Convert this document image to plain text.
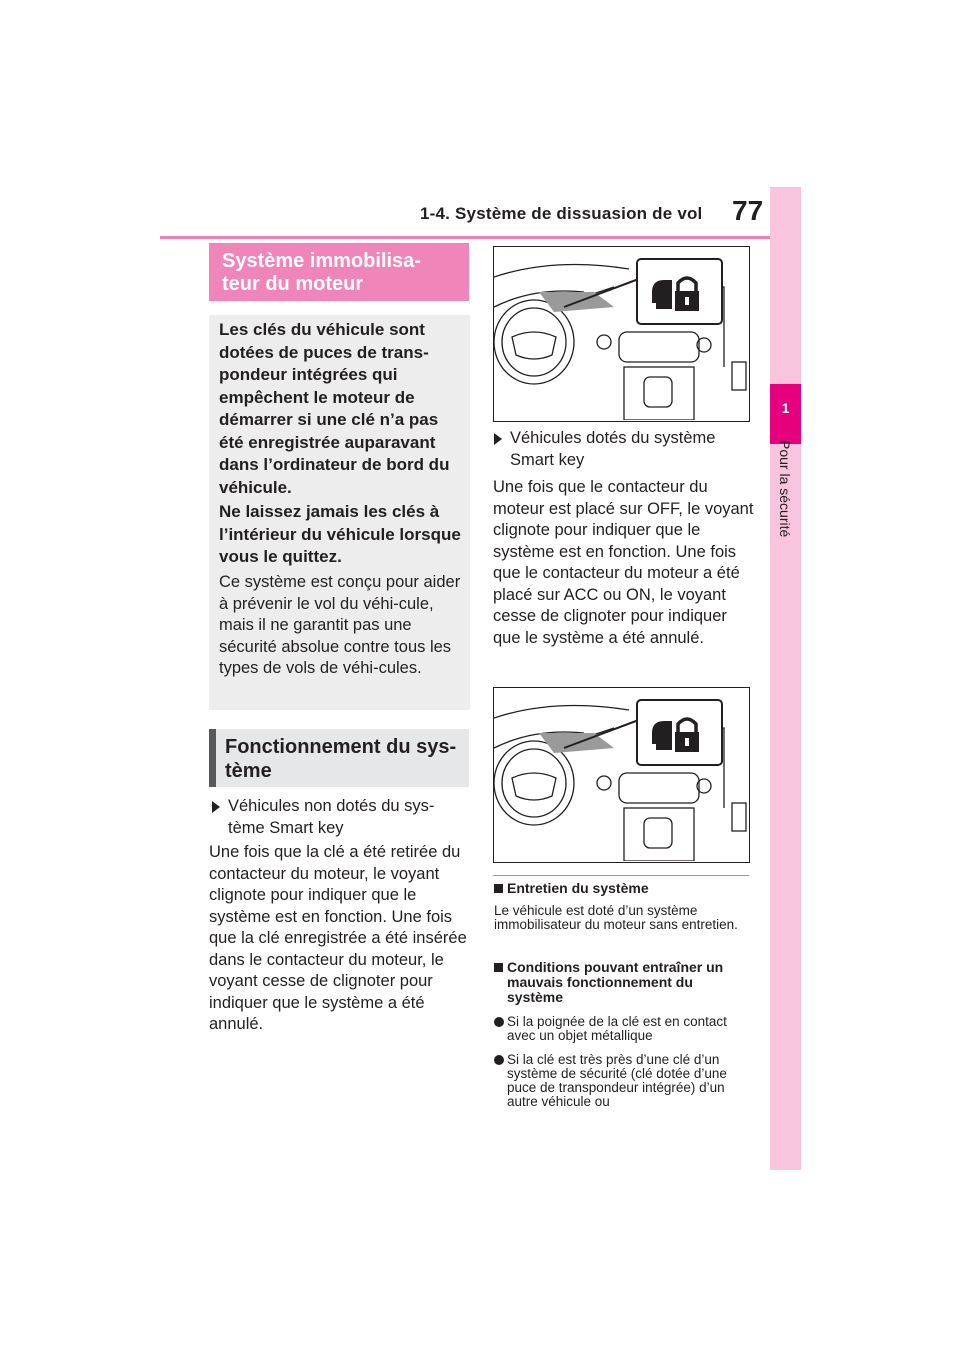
1-4. Système de dissuasion de vol 77
1
Pour la sécurité
Système immobilisa-
teur du moteur
Les clés du véhicule sont dotées de puces de trans-pondeur intégrées qui empêchent le moteur de démarrer si une clé n’a pas été enregistrée auparavant dans l’ordinateur de bord du véhicule.
Ne laissez jamais les clés à l’intérieur du véhicule lorsque vous le quittez.
Ce système est conçu pour aider à prévenir le vol du véhi-cule, mais il ne garantit pas une sécurité absolue contre tous les types de vols de véhi-cules.
Fonctionnement du sys-
tème
Véhicules non dotés du sys-tème Smart key
Une fois que la clé a été retirée du contacteur du moteur, le voyant clignote pour indiquer que le système est en fonction. Une fois que la clé enregistrée a été insérée dans le contacteur du moteur, le voyant cesse de clignoter pour indiquer que le système a été annulé.
Véhicules dotés du système Smart key
Une fois que le contacteur du moteur est placé sur OFF, le voyant clignote pour indiquer que le système est en fonction. Une fois que le contacteur du moteur a été placé sur ACC ou ON, le voyant cesse de clignoter pour indiquer que le système a été annulé.
Entretien du système
Le véhicule est doté d’un système immobilisateur du moteur sans entretien.
Conditions pouvant entraîner un mauvais fonctionnement du système
Si la poignée de la clé est en contact avec un objet métallique
Si la clé est très près d’une clé d’un système de sécurité (clé dotée d’une puce de transpondeur intégrée) d’un autre véhicule ou
